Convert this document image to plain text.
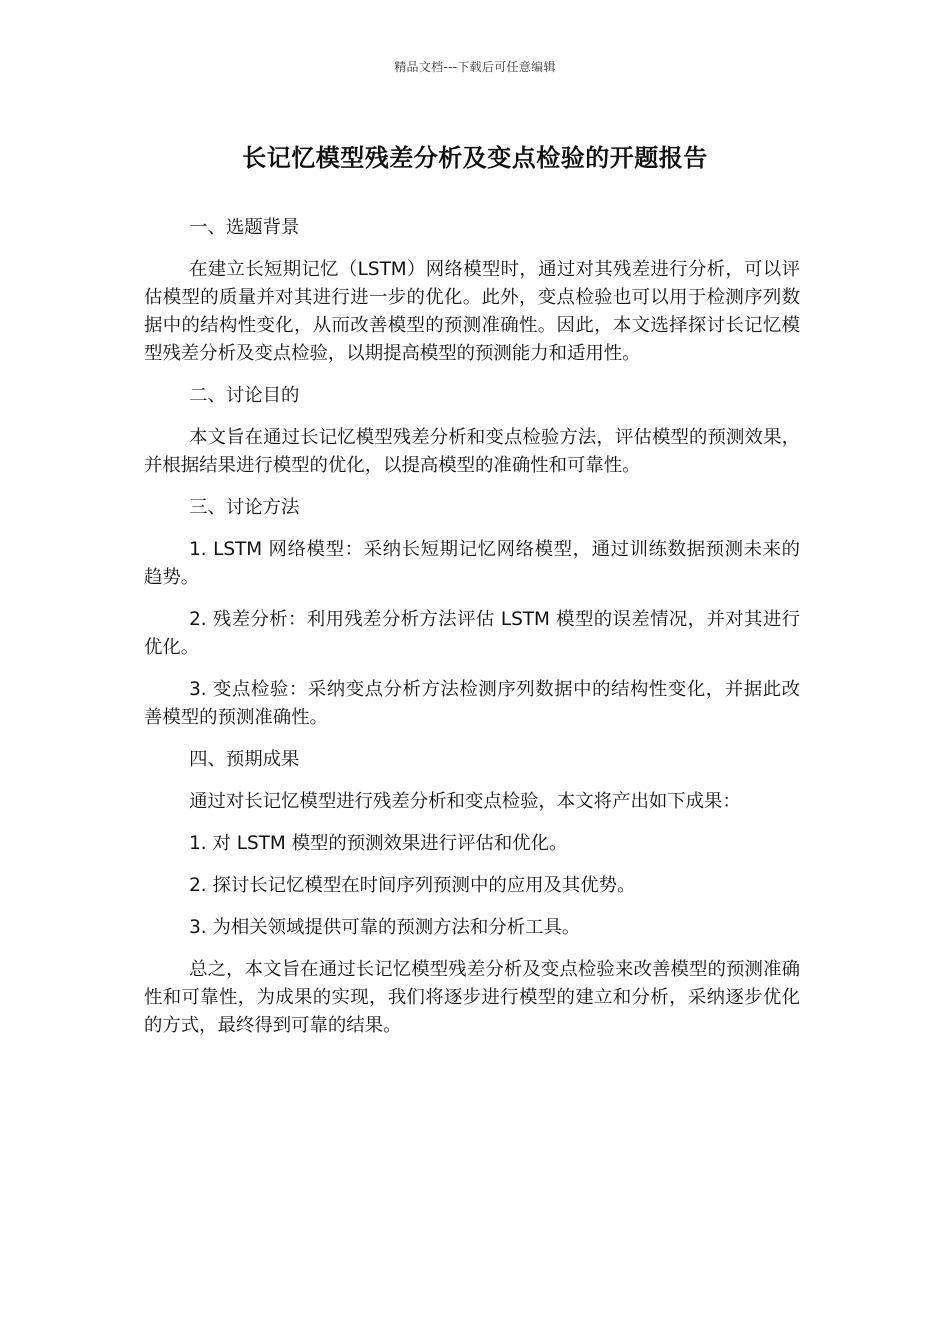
精品文档---下载后可任意编辑
长记忆模型残差分析及变点检验的开题报告

一、选题背景

在建立长短期记忆（LSTM）网络模型时，通过对其残差进行分析，可以评估模型的质量并对其进行进一步的优化。此外，变点检验也可以用于检测序列数据中的结构性变化，从而改善模型的预测准确性。因此，本文选择探讨长记忆模型残差分析及变点检验，以期提高模型的预测能力和适用性。

二、讨论目的

本文旨在通过长记忆模型残差分析和变点检验方法，评估模型的预测效果，并根据结果进行模型的优化，以提高模型的准确性和可靠性。

三、讨论方法

1. LSTM 网络模型：采纳长短期记忆网络模型，通过训练数据预测未来的趋势。

2. 残差分析：利用残差分析方法评估 LSTM 模型的误差情况，并对其进行优化。

3. 变点检验：采纳变点分析方法检测序列数据中的结构性变化，并据此改善模型的预测准确性。

四、预期成果

通过对长记忆模型进行残差分析和变点检验，本文将产出如下成果：

1. 对 LSTM 模型的预测效果进行评估和优化。

2. 探讨长记忆模型在时间序列预测中的应用及其优势。

3. 为相关领域提供可靠的预测方法和分析工具。

总之，本文旨在通过长记忆模型残差分析及变点检验来改善模型的预测准确性和可靠性，为成果的实现，我们将逐步进行模型的建立和分析，采纳逐步优化的方式，最终得到可靠的结果。
